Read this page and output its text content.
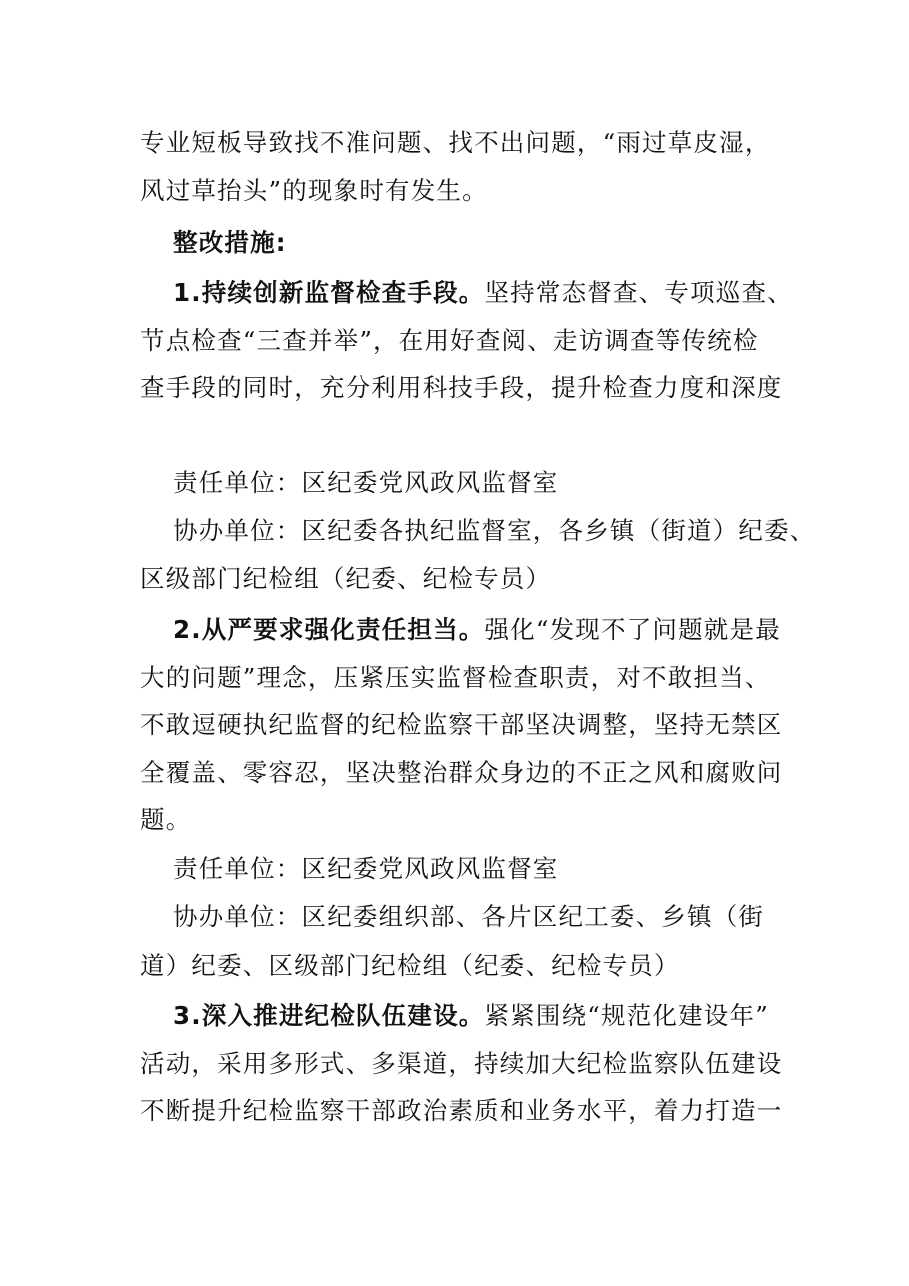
专业短板导致找不准问题、找不出问题，“雨过草皮湿，
风过草抬头”的现象时有发生。
整改措施:
1.持续创新监督检查手段。坚持常态督查、专项巡查、
节点检查“三查并举”，在用好查阅、走访调查等传统检
查手段的同时，充分利用科技手段，提升检查力度和深度
责任单位：区纪委党风政风监督室
协办单位：区纪委各执纪监督室，各乡镇（街道）纪委、
区级部门纪检组（纪委、纪检专员）
2.从严要求强化责任担当。强化“发现不了问题就是最
大的问题”理念，压紧压实监督检查职责，对不敢担当、
不敢逗硬执纪监督的纪检监察干部坚决调整，坚持无禁区
全覆盖、零容忍，坚决整治群众身边的不正之风和腐败问
题。
责任单位：区纪委党风政风监督室
协办单位：区纪委组织部、各片区纪工委、乡镇（街
道）纪委、区级部门纪检组（纪委、纪检专员）
3.深入推进纪检队伍建设。紧紧围绕“规范化建设年”
活动，采用多形式、多渠道，持续加大纪检监察队伍建设
不断提升纪检监察干部政治素质和业务水平，着力打造一
